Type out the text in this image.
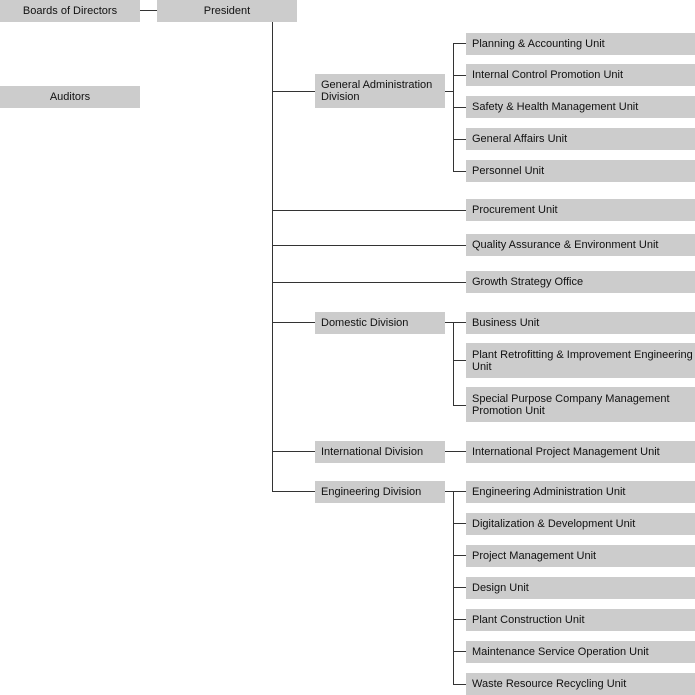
Boards of Directors	President
Auditors
General Administration Division
Domestic Division
International Division
Engineering Division
Planning & Accounting Unit
Internal Control Promotion Unit
Safety & Health Management Unit
General Affairs Unit
Personnel Unit
Procurement Unit
Quality Assurance & Environment Unit
Growth Strategy Office
Business Unit
Plant Retrofitting & Improvement Engineering Unit
Special Purpose Company Management Promotion Unit
International Project Management Unit
Engineering Administration Unit
Digitalization & Development Unit
Project Management Unit
Design Unit
Plant Construction Unit
Maintenance Service Operation Unit
Waste Resource Recycling Unit
